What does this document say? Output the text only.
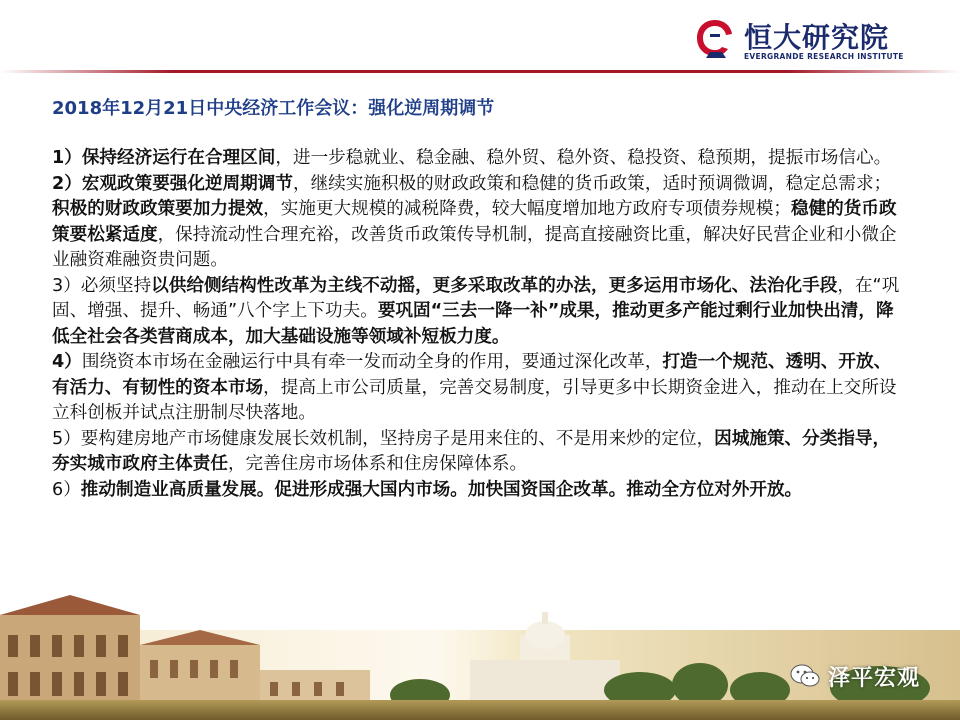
恒大研究院
EVERGRANDE RESEARCH INSTITUTE
2018年12月21日中央经济工作会议：强化逆周期调节

1）保持经济运行在合理区间，进一步稳就业、稳金融、稳外贸、稳外资、稳投资、稳预期，提振市场信心。

2）宏观政策要强化逆周期调节，继续实施积极的财政政策和稳健的货币政策，适时预调微调，稳定总需求；积极的财政政策要加力提效，实施更大规模的减税降费，较大幅度增加地方政府专项债券规模；稳健的货币政策要松紧适度，保持流动性合理充裕，改善货币政策传导机制，提高直接融资比重，解决好民营企业和小微企业融资难融资贵问题。

3）必须坚持以供给侧结构性改革为主线不动摇，更多采取改革的办法，更多运用市场化、法治化手段，在“巩固、增强、提升、畅通”八个字上下功夫。要巩固“三去一降一补”成果，推动更多产能过剩行业加快出清，降低全社会各类营商成本，加大基础设施等领域补短板力度。

4）围绕资本市场在金融运行中具有牵一发而动全身的作用，要通过深化改革，打造一个规范、透明、开放、有活力、有韧性的资本市场，提高上市公司质量，完善交易制度，引导更多中长期资金进入，推动在上交所设立科创板并试点注册制尽快落地。

5）要构建房地产市场健康发展长效机制，坚持房子是用来住的、不是用来炒的定位，因城施策、分类指导，夯实城市政府主体责任，完善住房市场体系和住房保障体系。

6）推动制造业高质量发展。促进形成强大国内市场。加快国资国企改革。推动全方位对外开放。

泽平宏观
